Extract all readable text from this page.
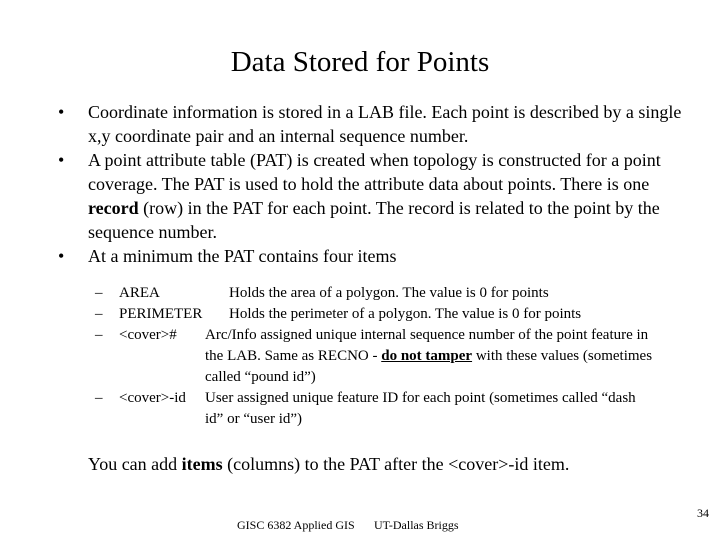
Data Stored for Points
• Coordinate information is stored in a LAB file. Each point is described by a single x,y coordinate pair and an internal sequence number.
• A point attribute table (PAT) is created when topology is constructed for a point coverage. The PAT is used to hold the attribute data about points. There is one record (row) in the PAT for each point. The record is related to the point by the sequence number.
• At a minimum the PAT contains four items
– AREA	Holds the area of a polygon. The value is 0 for points
– PERIMETER Holds the perimeter of a polygon. The value is 0 for points
– <cover># Arc/Info assigned unique internal sequence number of the point feature in the LAB. Same as RECNO - do not tamper with these values (sometimes called “pound id”)
– <cover>-id User assigned unique feature ID for each point (sometimes called “dash id” or “user id”)
You can add items (columns) to the PAT after the <cover>-id item.
GISC 6382 Applied GIS UT-Dallas Briggs
34
